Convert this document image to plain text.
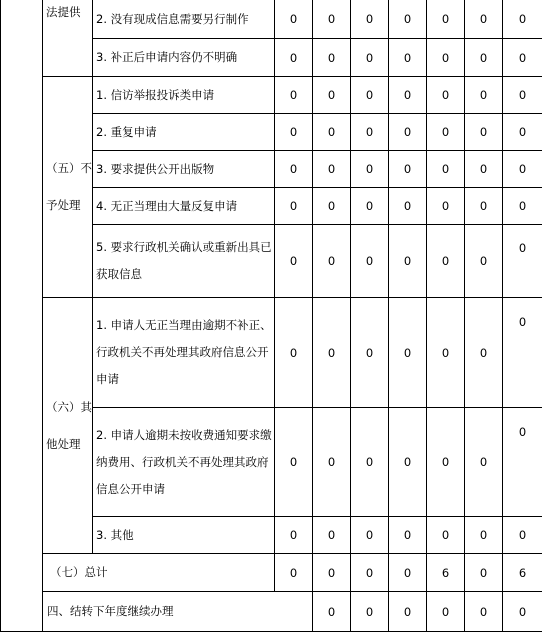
	法提供	2. 没有现成信息需要另行制作	0	0	0	0	0	0	0	
		3. 补正后申请内容仍不明确	0	0	0	0	0	0	0	
	（五）不予处理	1. 信访举报投诉类申请	0	0	0	0	0	0	0	
		2. 重复申请	0	0	0	0	0	0	0	
		3. 要求提供公开出版物	0	0	0	0	0	0	0	
		4. 无正当理由大量反复申请	0	0	0	0	0	0	0	
		5. 要求行政机关确认或重新出具已获取信息	0	0	0	0	0	0	0	
	（六）其他处理	1. 申请人无正当理由逾期不补正、行政机关不再处理其政府信息公开申请	0	0	0	0	0	0	0	
		2. 申请人逾期未按收费通知要求缴纳费用、行政机关不再处理其政府信息公开申请	0	0	0	0	0	0	0	
		3. 其他	0	0	0	0	0	0	0	
	（七）总计		0	0	0	0	6	0	6	
	四、结转下年度继续办理			0	0	0	0	0	0	
